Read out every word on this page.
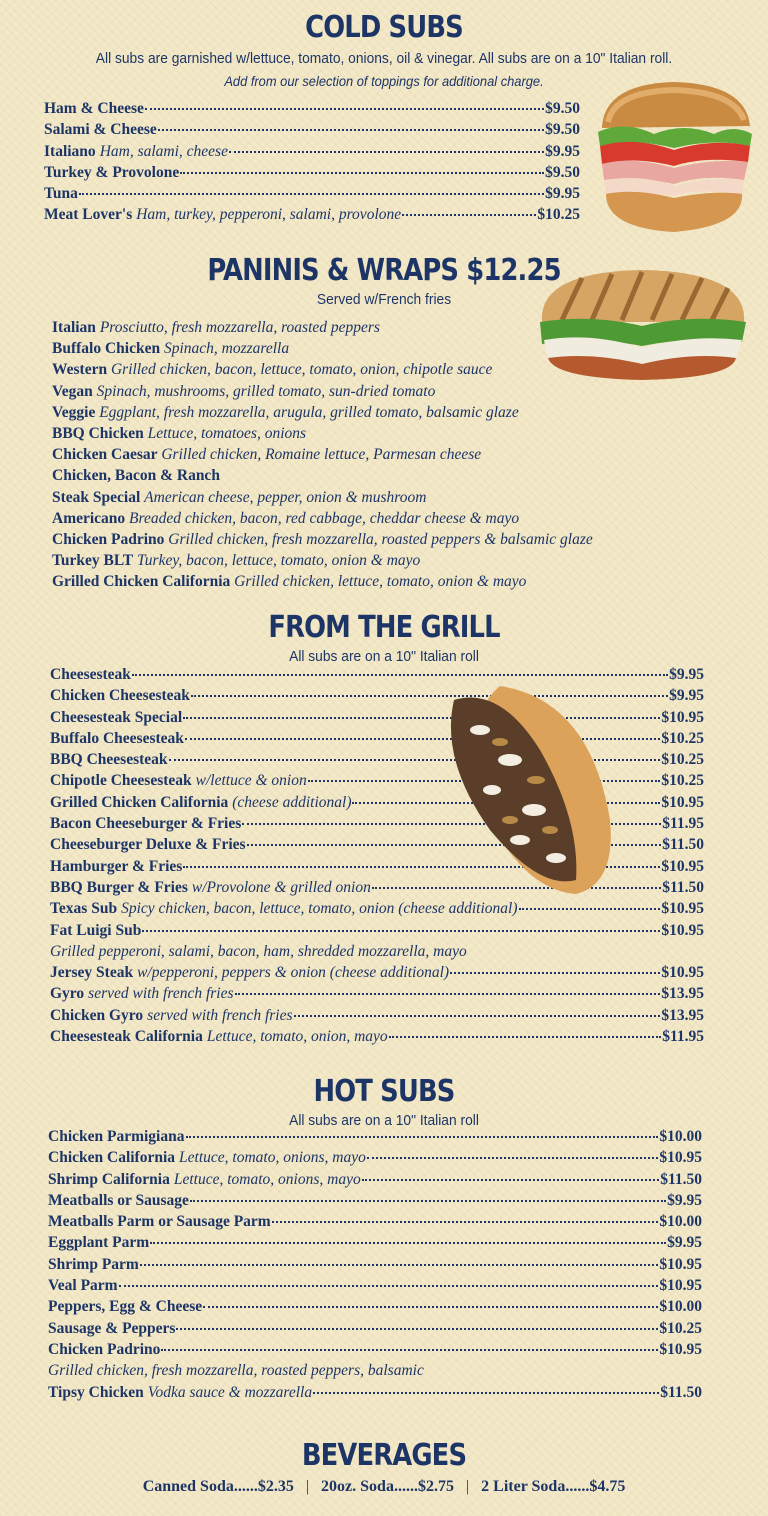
COLD SUBS
All subs are garnished w/lettuce, tomato, onions, oil & vinegar. All subs are on a 10" Italian roll.
Add from our selection of toppings for additional charge.
Ham & Cheese	$9.50
Salami & Cheese	$9.50
Italiano Ham, salami, cheese	$9.95
Turkey & Provolone	$9.50
Tuna	$9.95
Meat Lover's Ham, turkey, pepperoni, salami, provolone	$10.25
PANINIS & WRAPS $12.25
Served w/French fries
Italian Prosciutto, fresh mozzarella, roasted peppers
Buffalo Chicken Spinach, mozzarella
Western Grilled chicken, bacon, lettuce, tomato, onion, chipotle sauce
Vegan Spinach, mushrooms, grilled tomato, sun-dried tomato
Veggie Eggplant, fresh mozzarella, arugula, grilled tomato, balsamic glaze
BBQ Chicken Lettuce, tomatoes, onions
Chicken Caesar Grilled chicken, Romaine lettuce, Parmesan cheese
Chicken, Bacon & Ranch
Steak Special American cheese, pepper, onion & mushroom
Americano Breaded chicken, bacon, red cabbage, cheddar cheese & mayo
Chicken Padrino Grilled chicken, fresh mozzarella, roasted peppers & balsamic glaze
Turkey BLT Turkey, bacon, lettuce, tomato, onion & mayo
Grilled Chicken California Grilled chicken, lettuce, tomato, onion & mayo
FROM THE GRILL
All subs are on a 10" Italian roll
Cheesesteak	$9.95
Chicken Cheesesteak	$9.95
Cheesesteak Special	$10.95
Buffalo Cheesesteak	$10.25
BBQ Cheesesteak	$10.25
Chipotle Cheesesteak w/lettuce & onion	$10.25
Grilled Chicken California (cheese additional)	$10.95
Bacon Cheeseburger & Fries	$11.95
Cheeseburger Deluxe & Fries	$11.50
Hamburger & Fries	$10.95
BBQ Burger & Fries w/Provolone & grilled onion	$11.50
Texas Sub Spicy chicken, bacon, lettuce, tomato, onion (cheese additional)	$10.95
Fat Luigi Sub	$10.95
Grilled pepperoni, salami, bacon, ham, shredded mozzarella, mayo
Jersey Steak w/pepperoni, peppers & onion (cheese additional)	$10.95
Gyro served with french fries	$13.95
Chicken Gyro served with french fries	$13.95
Cheesesteak California Lettuce, tomato, onion, mayo	$11.95
HOT SUBS
All subs are on a 10" Italian roll
Chicken Parmigiana	$10.00
Chicken California Lettuce, tomato, onions, mayo	$10.95
Shrimp California Lettuce, tomato, onions, mayo	$11.50
Meatballs or Sausage	$9.95
Meatballs Parm or Sausage Parm	$10.00
Eggplant Parm	$9.95
Shrimp Parm	$10.95
Veal Parm	$10.95
Peppers, Egg & Cheese	$10.00
Sausage & Peppers	$10.25
Chicken Padrino	$10.95
Grilled chicken, fresh mozzarella, roasted peppers, balsamic
Tipsy Chicken Vodka sauce & mozzarella	$11.50
BEVERAGES
Canned Soda......$2.35 | 20oz. Soda......$2.75 | 2 Liter Soda......$4.75
